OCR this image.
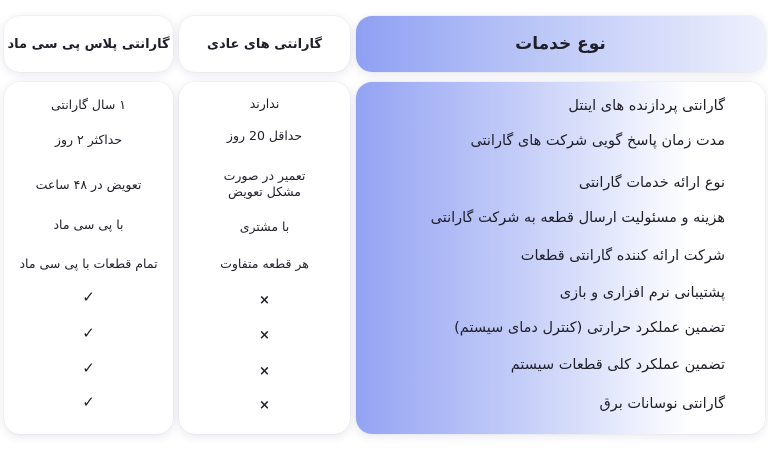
نوع خدمات
گارانتی های عادی
گارانتی پلاس پی سی ماد
گارانتی پردازنده های اینتل
مدت زمان پاسخ گویی شرکت های گارانتی
نوع ارائه خدمات گارانتی
هزینه و مسئولیت ارسال قطعه به شرکت گارانتی
شرکت ارائه کننده گارانتی قطعات
پشتیبانی نرم افزاری و بازی
تضمین عملکرد حرارتی (کنترل دمای سیستم)
تضمین عملکرد کلی قطعات سیستم
گارانتی نوسانات برق
ندارند
حداقل 20 روز
تعمیر در صورت
مشکل تعویض
با مشتری
هر قطعه متفاوت
×
×
×
×
۱ سال گارانتی
حداکثر ۲ روز
تعویض در ۴۸ ساعت
با پی سی ماد
تمام قطعات با پی سی ماد
✓
✓
✓
✓
